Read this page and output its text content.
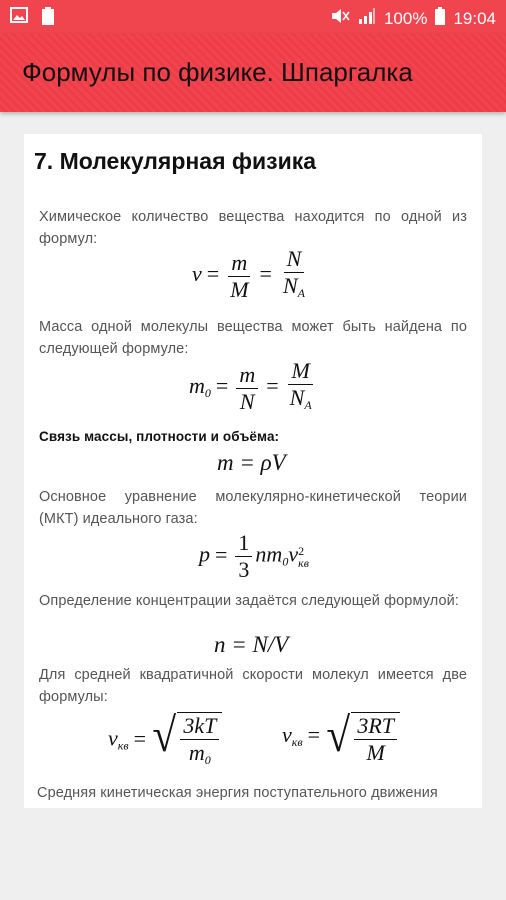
100% 19:04
Формулы по физике. Шпаргалка
7. Молекулярная физика
Химическое количество вещества находится по одной из формул:
$\nu = \frac{m}{M} = \frac{N}{N_A}$
Масса одной молекулы вещества может быть найдена по следующей формуле:
$m_0 = \frac{m}{N} = \frac{M}{N_A}$
Связь массы, плотности и объёма:
m = ρV
Основное уравнение молекулярно-кинетической теории (МКТ) идеального газа:
$p = \frac{1}{3} nm_0v$ 2
кв
Определение концентрации задаётся следующей формулой:
n = N/V
Для средней квадратичной скорости молекул имеется две формулы:
$v_{кв}$ = √ $\frac{3kT}{m_0}$	$v_{кв}$ = √ $\frac{3RT}{M}$
Средняя кинетическая энергия поступательного движения
